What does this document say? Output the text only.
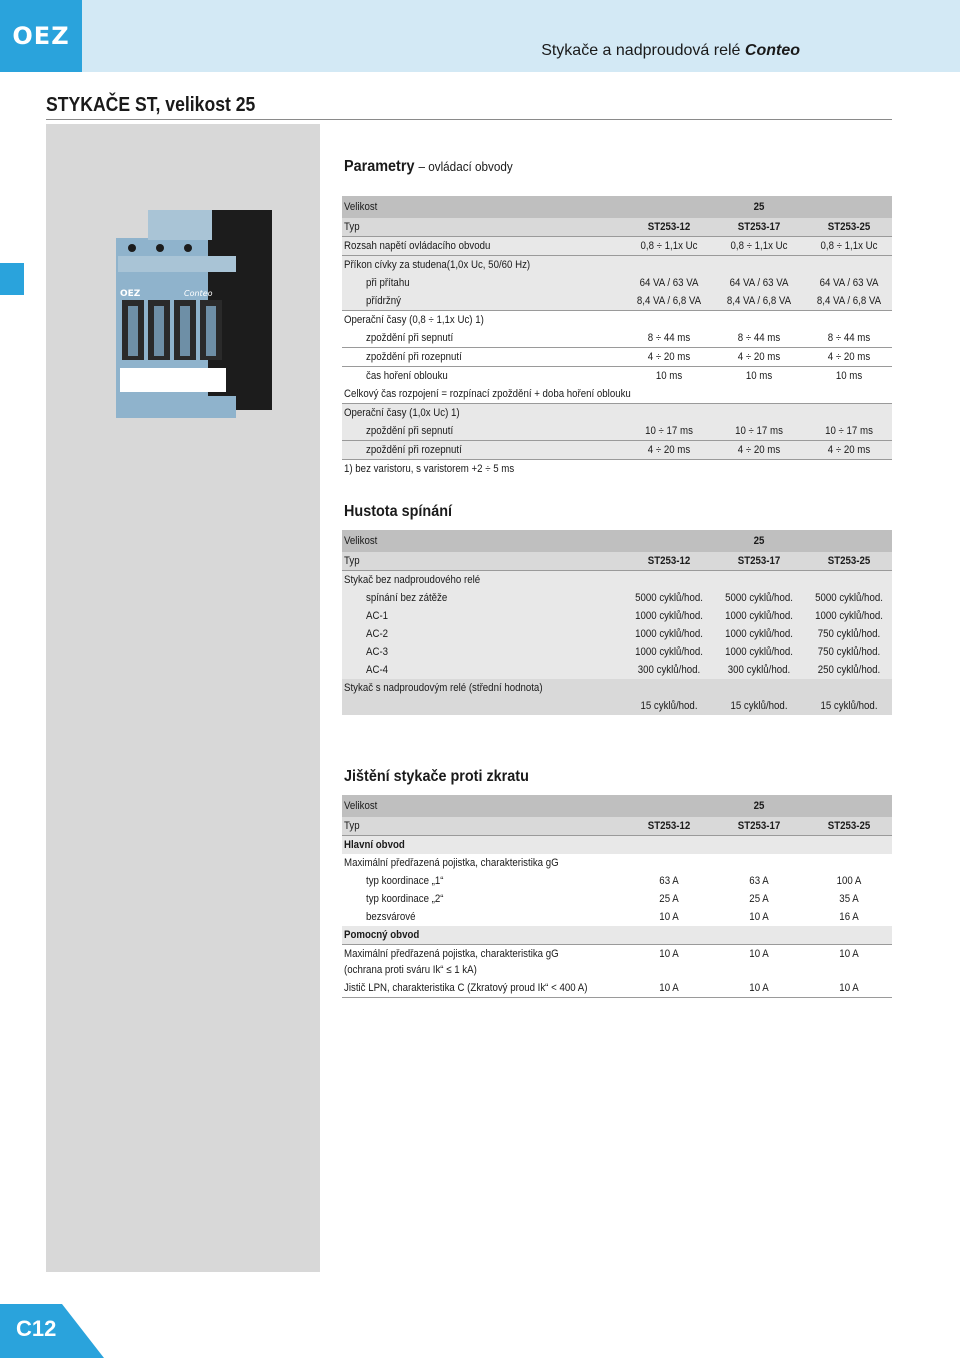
OEZ
Stykače a nadproudová relé Conteo
STYKAČE ST, velikost 25
OEZ	Conteo
C12
Parametry – ovládací obvody
Velikost	25
Typ	ST253-12	ST253-17	ST253-25
Rozsah napětí ovládacího obvodu	0,8 ÷ 1,1x Uc	0,8 ÷ 1,1x Uc	0,8 ÷ 1,1x Uc
Příkon cívky za studena(1,0x Uc, 50/60 Hz)
při přítahu	64 VA / 63 VA	64 VA / 63 VA	64 VA / 63 VA
přídržný	8,4 VA / 6,8 VA	8,4 VA / 6,8 VA	8,4 VA / 6,8 VA
Operační časy (0,8 ÷ 1,1x Uc) 1)
zpoždění při sepnutí	8 ÷ 44 ms	8 ÷ 44 ms	8 ÷ 44 ms
zpoždění při rozepnutí	4 ÷ 20 ms	4 ÷ 20 ms	4 ÷ 20 ms
čas hoření oblouku	10 ms	10 ms	10 ms
Celkový čas rozpojení = rozpínací zpoždění + doba hoření oblouku
Operační časy (1,0x Uc) 1)
zpoždění při sepnutí	10 ÷ 17 ms	10 ÷ 17 ms	10 ÷ 17 ms
zpoždění při rozepnutí	4 ÷ 20 ms	4 ÷ 20 ms	4 ÷ 20 ms
1) bez varistoru, s varistorem +2 ÷ 5 ms
Hustota spínání
Velikost	25
Typ	ST253-12	ST253-17	ST253-25
Stykač bez nadproudového relé
spínání bez zátěže	5000 cyklů/hod.	5000 cyklů/hod.	5000 cyklů/hod.
AC-1	1000 cyklů/hod.	1000 cyklů/hod.	1000 cyklů/hod.
AC-2	1000 cyklů/hod.	1000 cyklů/hod.	750 cyklů/hod.
AC-3	1000 cyklů/hod.	1000 cyklů/hod.	750 cyklů/hod.
AC-4	300 cyklů/hod.	300 cyklů/hod.	250 cyklů/hod.
Stykač s nadproudovým relé (střední hodnota)
15 cyklů/hod.	15 cyklů/hod.	15 cyklů/hod.
Jištění stykače proti zkratu
Velikost	25
Typ	ST253-12	ST253-17	ST253-25
Hlavní obvod
Maximální předřazená pojistka, charakteristika gG
typ koordinace „1“	63 A	63 A	100 A
typ koordinace „2“	25 A	25 A	35 A
bezsvárové	10 A	10 A	16 A
Pomocný obvod
Maximální předřazená pojistka, charakteristika gG
(ochrana proti sváru Ik“ ≤ 1 kA)
10 A	10 A	10 A
Jistič LPN, charakteristika C (Zkratový proud Ik“ < 400 A)	10 A	10 A	10 A
